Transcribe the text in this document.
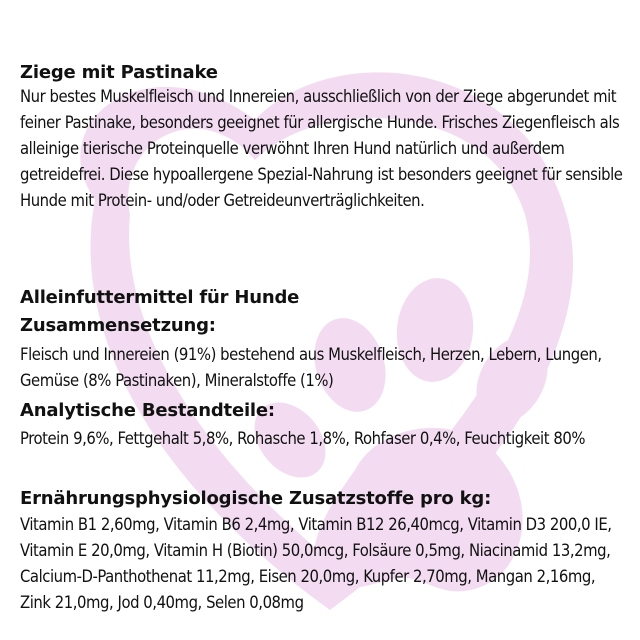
Ziege mit Pastinake

Nur bestes Muskelfleisch und Innereien, ausschließlich von der Ziege abgerundet mit feiner Pastinake, besonders geeignet für allergische Hunde. Frisches Ziegenfleisch als alleinige tierische Proteinquelle verwöhnt Ihren Hund natürlich und außerdem getreidefrei. Diese hypoallergene Spezial-Nahrung ist besonders geeignet für sensible Hunde mit Protein- und/oder Getreideunverträglichkeiten.

Alleinfuttermittel für Hunde
Zusammensetzung:

Fleisch und Innereien (91%) bestehend aus Muskelfleisch, Herzen, Lebern, Lungen, Gemüse (8% Pastinaken), Mineralstoffe (1%)

Analytische Bestandteile:

Protein 9,6%, Fettgehalt 5,8%, Rohasche 1,8%, Rohfaser 0,4%, Feuchtigkeit 80%

Ernährungsphysiologische Zusatzstoffe pro kg:

Vitamin B1 2,60mg, Vitamin B6 2,4mg, Vitamin B12 26,40mcg, Vitamin D3 200,0 IE, Vitamin E 20,0mg, Vitamin H (Biotin) 50,0mcg, Folsäure 0,5mg, Niacinamid 13,2mg, Calcium-D-Panthothenat 11,2mg, Eisen 20,0mg, Kupfer 2,70mg, Mangan 2,16mg, Zink 21,0mg, Jod 0,40mg, Selen 0,08mg
